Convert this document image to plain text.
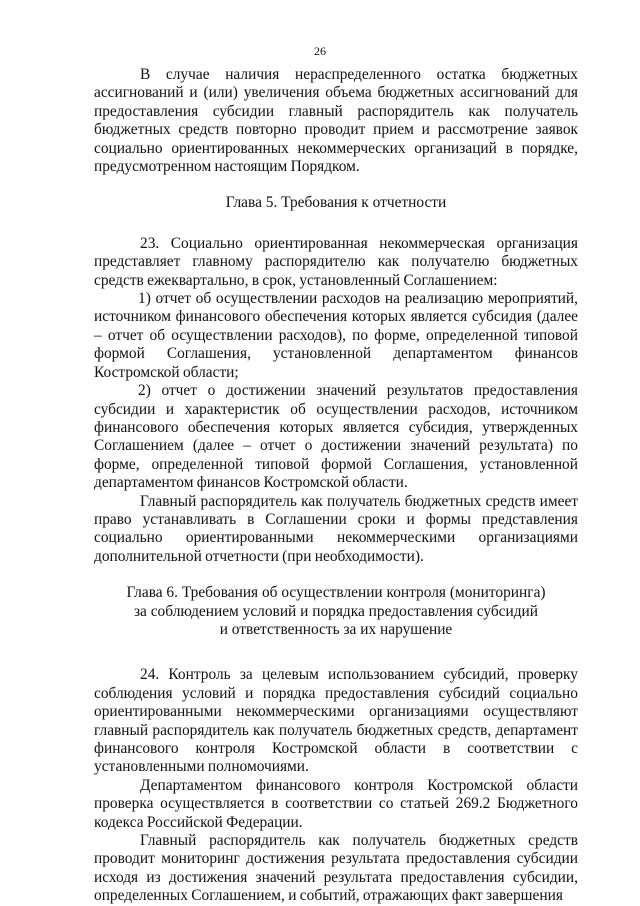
26

В случае наличия нераспределенного остатка бюджетных ассигнований и (или) увеличения объема бюджетных ассигнований для предоставления субсидии главный распорядитель как получатель бюджетных средств повторно проводит прием и рассмотрение заявок социально ориентированных некоммерческих организаций в порядке, предусмотренном настоящим Порядком.

Глава 5. Требования к отчетности

23. Социально ориентированная некоммерческая организация представляет главному распорядителю как получателю бюджетных средств ежеквартально, в срок, установленный Соглашением:

1) отчет об осуществлении расходов на реализацию мероприятий, источником финансового обеспечения которых является субсидия (далее – отчет об осуществлении расходов), по форме, определенной типовой формой Соглашения, установленной департаментом финансов Костромской области;

2) отчет о достижении значений результатов предоставления субсидии и характеристик об осуществлении расходов, источником финансового обеспечения которых является субсидия, утвержденных Соглашением (далее – отчет о достижении значений результата) по форме, определенной типовой формой Соглашения, установленной департаментом финансов Костромской области.

Главный распорядитель как получатель бюджетных средств имеет право устанавливать в Соглашении сроки и формы представления социально ориентированными некоммерческими организациями дополнительной отчетности (при необходимости).

Глава 6. Требования об осуществлении контроля (мониторинга)
за соблюдением условий и порядка предоставления субсидий
и ответственность за их нарушение

24. Контроль за целевым использованием субсидий, проверку соблюдения условий и порядка предоставления субсидий социально ориентированными некоммерческими организациями осуществляют главный распорядитель как получатель бюджетных средств, департамент финансового контроля Костромской области в соответствии с установленными полномочиями.

Департаментом финансового контроля Костромской области проверка осуществляется в соответствии со статьей 269.2 Бюджетного кодекса Российской Федерации.

Главный распорядитель как получатель бюджетных средств проводит мониторинг достижения результата предоставления субсидии исходя из достижения значений результата предоставления субсидии, определенных Соглашением, и событий, отражающих факт завершения
